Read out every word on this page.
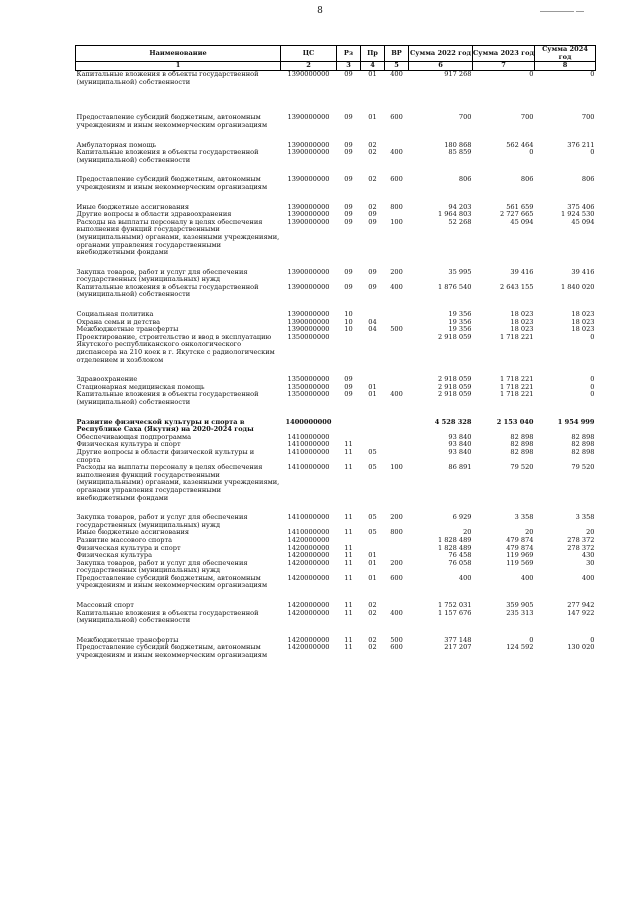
8
Наименование	ЦС	Рз	Пр	ВР	Сумма 2022 год	Сумма 2023 год	Сумма 2024 год
1	2	3	4	5	6	7	8
Капитальные вложения в объекты государственной (муниципальной) собственности	1390000000	09	01	400	917 268	0	0
Предоставление субсидий бюджетным, автономным учреждениям и иным некоммерческим организациям	1390000000	09	01	600	700	700	700
Амбулаторная помощь	1390000000	09	02		180 868	562 464	376 211
Капитальные вложения в объекты государственной (муниципальной) собственности	1390000000	09	02	400	85 859	0	0
Предоставление субсидий бюджетным, автономным учреждениям и иным некоммерческим организациям	1390000000	09	02	600	806	806	806
Иные бюджетные ассигнования	1390000000	09	02	800	94 203	561 659	375 406
Другие вопросы в области здравоохранения	1390000000	09	09		1 964 803	2 727 665	1 924 530
Расходы на выплаты персоналу в целях обеспечения выполнения функций государственными (муниципальными) органами, казенными учреждениями, органами управления государственными внебюджетными фондами	1390000000	09	09	100	52 268	45 094	45 094
Закупка товаров, работ и услуг для обеспечения государственных (муниципальных) нужд	1390000000	09	09	200	35 995	39 416	39 416
Капитальные вложения в объекты государственной (муниципальной) собственности	1390000000	09	09	400	1 876 540	2 643 155	1 840 020
Социальная политика	1390000000	10			19 356	18 023	18 023
Охрана семьи и детства	1390000000	10	04		19 356	18 023	18 023
Межбюджетные трансферты	1390000000	10	04	500	19 356	18 023	18 023
Проектирование, строительство и ввод в эксплуатацию Якутского республиканского онкологического диспансера на 210 коек в г. Якутске с радиологическим отделением и хозблоком	1350000000				2 918 059	1 718 221	0
Здравоохранение	1350000000	09			2 918 059	1 718 221	0
Стационарная медицинская помощь	1350000000	09	01		2 918 059	1 718 221	0
Капитальные вложения в объекты государственной (муниципальной) собственности	1350000000	09	01	400	2 918 059	1 718 221	0
Развитие физической культуры и спорта в Республике Саха (Якутия) на 2020-2024 годы	1400000000				4 528 328	2 153 040	1 954 999
Обеспечивающая подпрограмма	1410000000				93 840	82 898	82 898
Физическая культура и спорт	1410000000	11			93 840	82 898	82 898
Другие вопросы в области физической культуры и спорта	1410000000	11	05		93 840	82 898	82 898
Расходы на выплаты персоналу в целях обеспечения выполнения функций государственными (муниципальными) органами, казенными учреждениями, органами управления государственными внебюджетными фондами	1410000000	11	05	100	86 891	79 520	79 520
Закупка товаров, работ и услуг для обеспечения государственных (муниципальных) нужд	1410000000	11	05	200	6 929	3 358	3 358
Иные бюджетные ассигнования	1410000000	11	05	800	20	20	20
Развитие массового спорта	1420000000				1 828 489	479 874	278 372
Физическая культура и спорт	1420000000	11			1 828 489	479 874	278 372
Физическая культура	1420000000	11	01		76 458	119 969	430
Закупка товаров, работ и услуг для обеспечения государственных (муниципальных) нужд	1420000000	11	01	200	76 058	119 569	30
Предоставление субсидий бюджетным, автономным учреждениям и иным некоммерческим организациям	1420000000	11	01	600	400	400	400
Массовый спорт	1420000000	11	02		1 752 031	359 905	277 942
Капитальные вложения в объекты государственной (муниципальной) собственности	1420000000	11	02	400	1 157 676	235 313	147 922
Межбюджетные трансферты	1420000000	11	02	500	377 148	0	0
Предоставление субсидий бюджетным, автономным учреждениям и иным некоммерческим организациям	1420000000	11	02	600	217 207	124 592	130 020
